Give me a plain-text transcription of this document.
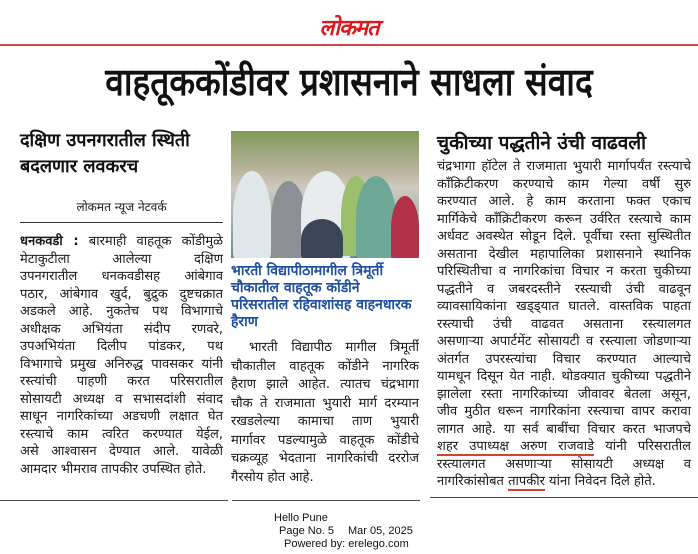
लोकमत
वाहतूककोंडीवर प्रशासनाने साधला संवाद
दक्षिण उपनगरातील स्थिती
बदलणार लवकरच
लोकमत न्यूज नेटवर्क
धनकवडी : बारमाही वाहतूक कोंडीमुळे
मेटाकुटीला आलेल्या दक्षिण
उपनगरातील धनकवडीसह आंबेगाव
पठार, आंबेगाव खुर्द, बुद्रुक दुष्टचक्रात
अडकले आहे. नुकतेच पथ विभागाचे
अधीक्षक अभियंता संदीप रणवरे,
उपअभियंता दिलीप पांडकर, पथ
विभागाचे प्रमुख अनिरुद्ध पावसकर यांनी
रस्त्यांची पाहणी करत परिसरातील
सोसायटी अध्यक्ष व सभासदांशी संवाद
साधून नागरिकांच्या अडचणी लक्षात घेत
रस्त्याचे काम त्वरित करण्यात येईल,
असे आश्वासन देण्यात आले. यावेळी
आमदार भीमराव तापकीर उपस्थित होते.
भारती विद्यापीठामागील त्रिमूर्ती चौकातील वाहतूक कोंडीने परिसरातील रहिवाशांसह वाहनधारक हैराण
भारती विद्यापीठ मागील त्रिमूर्ती
चौकातील वाहतूक कोंडीने नागरिक
हैराण झाले आहेत. त्यातच चंद्रभागा
चौक ते राजमाता भुयारी मार्ग दरम्यान
रखडलेल्या कामाचा ताण भुयारी
मार्गावर पडल्यामुळे वाहतूक कोंडीचे
चक्रव्यूह भेदताना नागरिकांची दररोज
गैरसोय होत आहे.
चुकीच्या पद्धतीने उंची वाढवली
चंद्रभागा हॉटेल ते राजमाता भुयारी मार्गापर्यंत रस्त्याचे
कॉंक्रिटीकरण करण्याचे काम गेल्या वर्षी सुरु
करण्यात आले. हे काम करताना फक्त एकाच
मार्गिकेचे कॉंक्रिटीकरण करून उर्वरित रस्त्याचे काम
अर्धवट अवस्थेत सोडून दिले. पूर्वीचा रस्ता सुस्थितीत
असताना देखील महापालिका प्रशासनाने स्थानिक
परिस्थितीचा व नागरिकांचा विचार न करता चुकीच्या
पद्धतीने व जबरदस्तीने रस्त्याची उंची वाढवून
व्यावसायिकांना खड्ड्यात घातले. वास्तविक पाहता
रस्त्याची उंची वाढवत असताना रस्त्यालगत
असणाऱ्या अपार्टमेंट सोसायटी व रस्त्याला जोडणाऱ्या
अंतर्गत उपरस्त्यांचा विचार करण्यात आल्याचे
यामधून दिसून येत नाही. थोडक्यात चुकीच्या पद्धतीने
झालेला रस्ता नागरिकांच्या जीवावर बेतला असून,
जीव मुठीत धरून नागरिकांना रस्त्याचा वापर करावा
लागत आहे. या सर्व बाबींचा विचार करत भाजपचे
शहर उपाध्यक्ष अरुण राजवाडे यांनी परिसरातील
रस्त्यालगत असणाऱ्या सोसायटी अध्यक्ष व
नागरिकांसोबत तापकीर यांना निवेदन दिले होते.
Hello Pune
Page No. 5 Mar 05, 2025
Powered by: erelego.com
